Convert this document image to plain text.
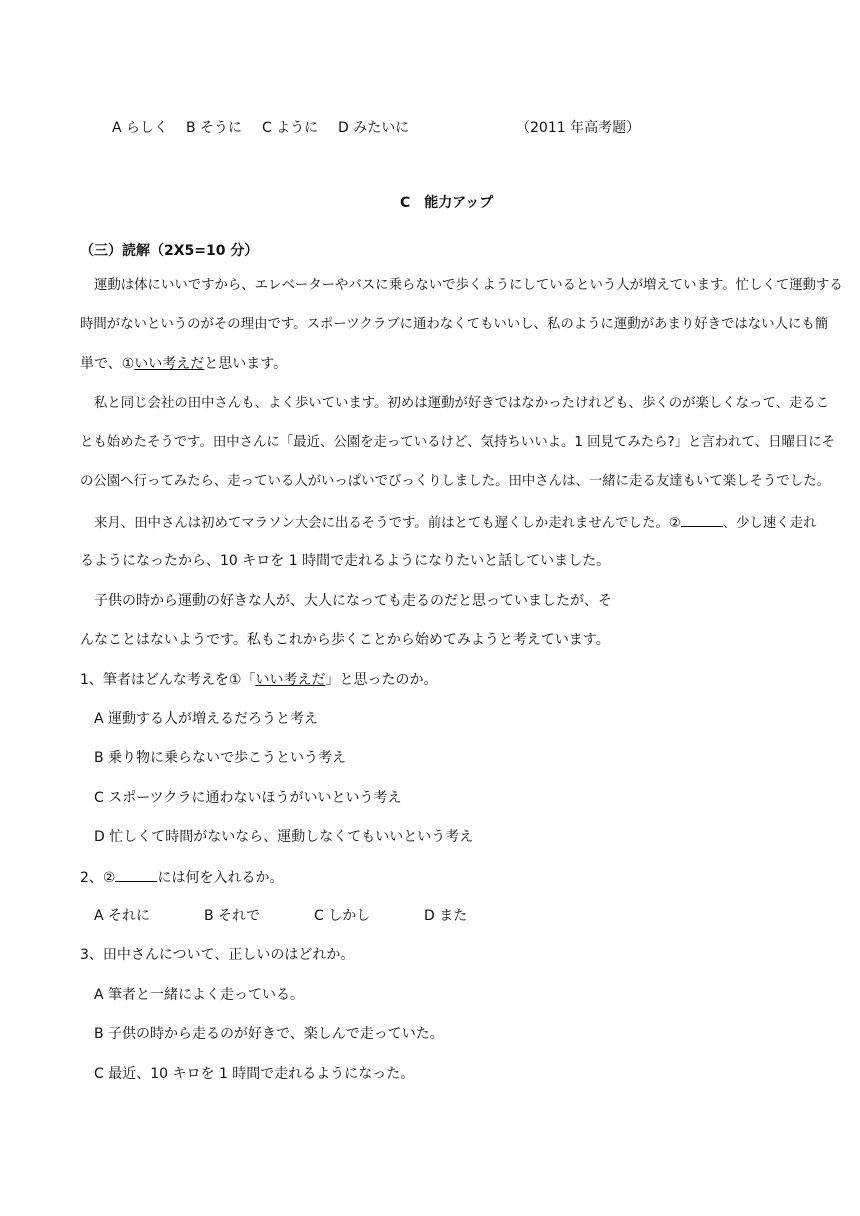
A らしく B そうに C ように D みたいに	（2011 年高考题）
C　能力アップ
（三）読解（2X5=10 分）
運動は体にいいですから、エレベーターやバスに乗らないで歩くようにしているという人が増えています。忙しくて運動する
時間がないというのがその理由です。スポーツクラブに通わなくてもいいし、私のように運動があまり好きではない人にも簡
単で、①いい考えだと思います。
私と同じ会社の田中さんも、よく歩いています。初めは運動が好きではなかったけれども、歩くのが楽しくなって、走るこ
とも始めたそうです。田中さんに「最近、公園を走っているけど、気持ちいいよ。1 回見てみたら?」と言われて、日曜日にそ
の公園へ行ってみたら、走っている人がいっぱいでびっくりしました。田中さんは、一緒に走る友達もいて楽しそうでした。
来月、田中さんは初めてマラソン大会に出るそうです。前はとても遅くしか走れませんでした。②	、少し速く走れ
るようになったから、10 キロを 1 時間で走れるようになりたいと話していました。
子供の時から運動の好きな人が、大人になっても走るのだと思っていましたが、そ
んなことはないようです。私もこれから歩くことから始めてみようと考えています。
1、筆者はどんな考えを①「いい考えだ」と思ったのか。
A 運動する人が増えるだろうと考え
B 乗り物に乗らないで歩こうという考え
C スポーツクラに通わないほうがいいという考え
D 忙しくて時間がないなら、運動しなくてもいいという考え
2、②	には何を入れるか。
A それに	B それで	C しかし	D また
3、田中さんについて、正しいのはどれか。
A 筆者と一緒によく走っている。
B 子供の時から走るのが好きで、楽しんで走っていた。
C 最近、10 キロを 1 時間で走れるようになった。
